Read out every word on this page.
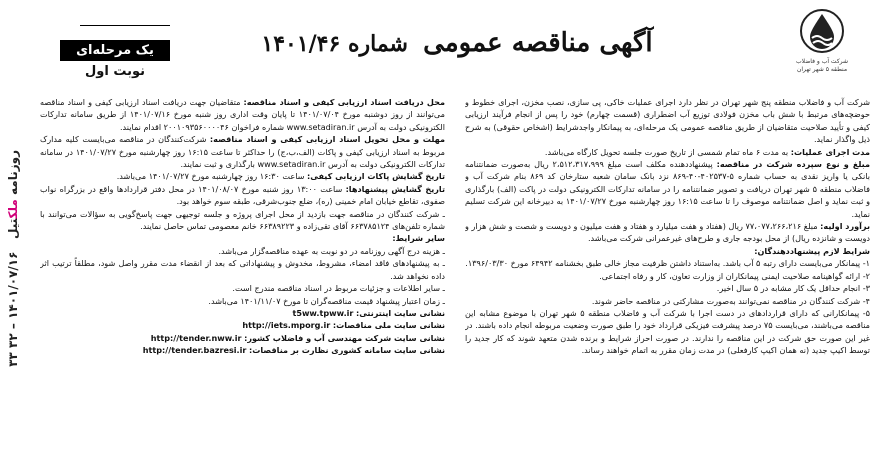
روزنامه ملکتیل   ۱۴۰۱/۰۷/۱۶ – ۳۲ ۳۳
شرکت آب و فاضلاب
منطقه ۵ شهر تهران
آگهی مناقصه عمومی شماره ۱۴۰۱/۴۶
یک مرحله‌ای
نوبت اول

شرکت آب و فاضلاب منطقه پنج شهر تهران در نظر دارد اجرای عملیات خاکی، پی سازی، نصب مخزن، اجرای خطوط و حوضچه‌های مرتبط با شش باب مخزن فولادی توزیع آب اضطراری (قسمت چهارم) خود را پس از انجام فرآیند ارزیابی کیفی و تأیید صلاحیت متقاضیان از طریق مناقصه عمومی یک مرحله‌ای، به پیمانکار واجدشرایط (اشخاص حقوقی) به شرح ذیل واگذار نماید.

مدت اجرای عملیات: به مدت ۶ ماه تمام شمسی از تاریخ صورت جلسه تحویل کارگاه می‌باشد.

مبلغ و نوع سپرده شرکت در مناقصه: پیشنهاددهنده مکلف است مبلغ ۲،۵۱۲،۳۱۷،۹۹۹ ریال به‌صورت ضمانتنامه بانکی یا واریز نقدی به حساب شماره ۵-۴۰۲۵۳۷-۴۰-۸۶۹ نزد بانک سامان شعبه ستارخان کد ۸۶۹ بنام شرکت آب و فاضلاب منطقه ۵ شهر تهران دریافت و تصویر ضمانتنامه را در سامانه تدارکات الکترونیکی دولت در پاکت (الف) بارگذاری و ثبت نماید و اصل ضمانتنامه موصوف را تا ساعت ۱۶:۱۵ روز چهارشنبه مورخ ۱۴۰۱/۰۷/۲۷ به دبیرخانه این شرکت تسلیم نماید.

برآورد اولیه: مبلغ ۷۷،۰۷۷،۲۶۶،۲۱۶ ریال (هفتاد و هفت میلیارد و هفتاد و هفت میلیون و دویست و شصت و شش هزار و دویست و شانزده ریال) از محل بودجه جاری و طرح‌های غیرعمرانی شرکت می‌باشد.

شرایط لازم پیشنهاددهندگان:

۱- پیمانکار می‌بایست دارای رتبه ۵ آب باشد. به‌استناد داشتن ظرفیت مجاز خالی طبق بخشنامه ۶۴۹۴۲ مورخ ۱۳۹۶/۰۳/۳۰.

۲- ارائه گواهینامه صلاحیت ایمنی پیمانکاران از وزارت تعاون، کار و رفاه اجتماعی.

۳- انجام حداقل یک کار مشابه در ۵ سال اخیر.

۴- شرکت کنندگان در مناقصه نمی‌توانند به‌صورت مشارکتی در مناقصه حاضر شوند.

۵- پیمانکارانی که دارای قراردادهای در دست اجرا با شرکت آب و فاضلاب منطقه ۵ شهر تهران با موضوع مشابه این مناقصه می‌باشند، می‌بایست ۷۵ درصد پیشرفت فیزیکی قرارداد خود را طبق صورت وضعیت مربوطه انجام داده باشند. در غیر این صورت حق شرکت در این مناقصه را ندارند. در صورت احراز شرایط و برنده شدن متعهد شوند که کار جدید را توسط اکیپ جدید (نه همان اکیپ کارفعلی) در مدت زمان مقرر به اتمام خواهند رساند.

محل دریافت اسناد ارزیابی کیفی و اسناد مناقصه: متقاضیان جهت دریافت اسناد ارزیابی کیفی و اسناد مناقصه می‌توانند از روز دوشنبه مورخ ۱۴۰۱/۰۷/۰۴ تا پایان وقت اداری روز شنبه مورخ ۱۴۰۱/۰۷/۱۶ از طریق سامانه تدارکات الکترونیکی دولت به آدرس www.setadiran.ir شماره فراخوان ۲۰۰۱۰۹۳۵۶۰۰۰۰۴۶ اقدام نمایند.

مهلت و محل تحویل اسناد ارزیابی کیفی و اسناد مناقصه: شرکت‌کنندگان در مناقصه می‌بایست کلیه مدارک مربوط به اسناد ارزیابی کیفی و پاکات (الف،ب،ج) را حداکثر تا ساعت ۱۶:۱۵ روز چهارشنبه مورخ ۱۴۰۱/۰۷/۲۷ در سامانه تدارکات الکترونیکی دولت به آدرس www.setadiran.ir بارگذاری و ثبت نمایند.

تاریخ گشایش پاکات ارزیابی کیفی: ساعت ۱۶:۳۰ روز چهارشنبه مورخ ۱۴۰۱/۰۷/۲۷ می‌باشد.

تاریخ گشایش پیشنهادها: ساعت ۱۳:۰۰ روز شنبه مورخ ۱۴۰۱/۰۸/۰۷ در محل دفتر قراردادها واقع در بزرگراه نواب صفوی، تقاطع خیابان امام خمینی (ره)، ضلع جنوب‌شرقی، طبقه سوم خواهد بود.

ـ شرکت کنندگان در مناقصه جهت بازدید از محل اجرای پروژه و جلسه توجیهی جهت پاسخ‌گویی به سؤالات می‌توانند با شماره تلفن‌های ۶۶۳۷۸۵۱۲۴ آقای تقی‌زاده و ۶۶۳۸۹۲۲۳ خانم معصومی تماس حاصل نمایند.

سایر شرایط:

ـ هزینه درج آگهی روزنامه در دو نوبت به عهده مناقصه‌گزار می‌باشد.

ـ به پیشنهادهای فاقد امضاء، مشروط، مخدوش و پیشنهاداتی که بعد از انقضاء مدت مقرر واصل شود، مطلقاً ترتیب اثر داده نخواهد شد.

ـ سایر اطلاعات و جزئیات مربوط در اسناد مناقصه مندرج است.

ـ زمان اعتبار پیشنهاد قیمت مناقصه‌گران تا مورخ ۱۴۰۱/۱۱/۰۷ می‌باشد.

نشانی سایت اینترنتی: t5ww.tpww.ir

نشانی سایت ملی مناقصات: http://iets.mporg.ir

نشانی سایت شرکت مهندسی آب و فاضلاب کشور: http://tender.nww.ir

نشانی سایت سامانه کشوری نظارت بر مناقصات: http://tender.bazresi.ir
